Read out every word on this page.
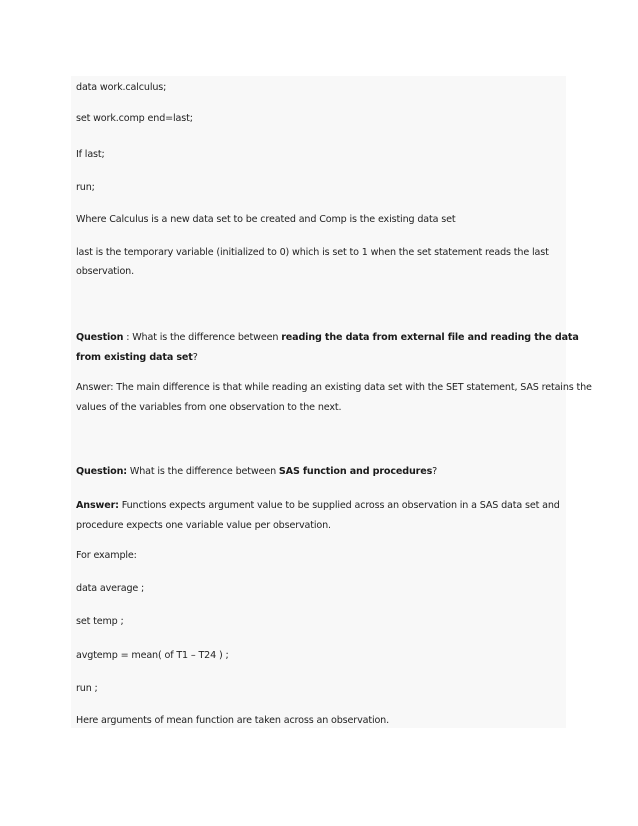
data work.calculus;
set work.comp end=last;
If last;
run;
Where Calculus is a new data set to be created and Comp is the existing data set
last is the temporary variable (initialized to 0) which is set to 1 when the set statement reads the last
observation.
Question : What is the difference between reading the data from external file and reading the data
from existing data set?
Answer: The main difference is that while reading an existing data set with the SET statement, SAS retains the
values of the variables from one observation to the next.
Question: What is the difference between SAS function and procedures?
Answer: Functions expects argument value to be supplied across an observation in a SAS data set and
procedure expects one variable value per observation.
For example:
data average ;
set temp ;
avgtemp = mean( of T1 – T24 ) ;
run ;
Here arguments of mean function are taken across an observation.
